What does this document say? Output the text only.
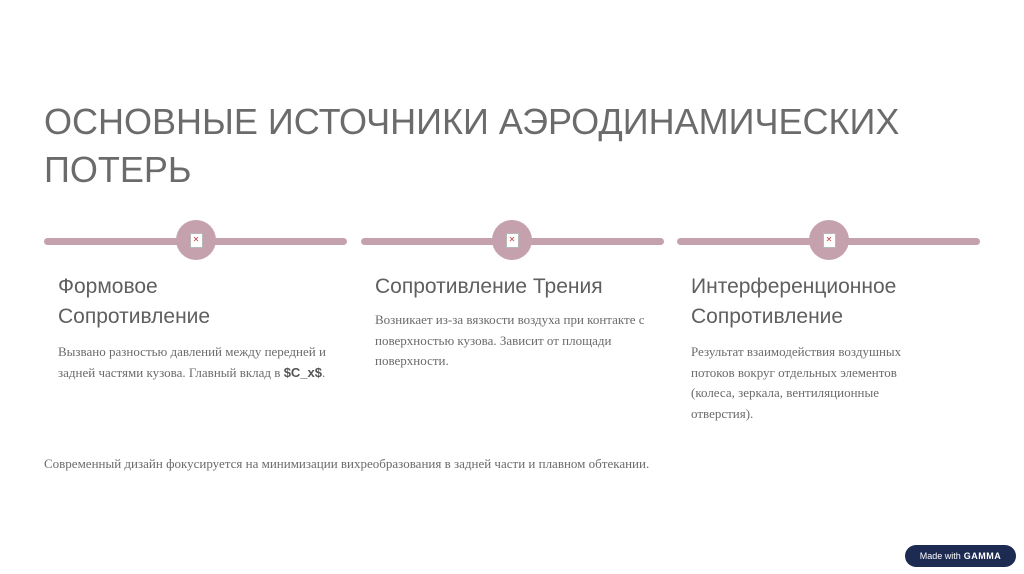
ОСНОВНЫЕ ИСТОЧНИКИ АЭРОДИНАМИЧЕСКИХ ПОТЕРЬ
✕	✕	✕
Формовое Сопротивление

Вызвано разностью давлений между передней и задней частями кузова. Главный вклад в $C_x$.

Сопротивление Трения

Возникает из-за вязкости воздуха при контакте с поверхностью кузова. Зависит от площади поверхности.

Интерференционное Сопротивление

Результат взаимодействия воздушных потоков вокруг отдельных элементов (колеса, зеркала, вентиляционные отверстия).

Современный дизайн фокусируется на минимизации вихреобразования в задней части и плавном обтекании.

Made with GAMMA
